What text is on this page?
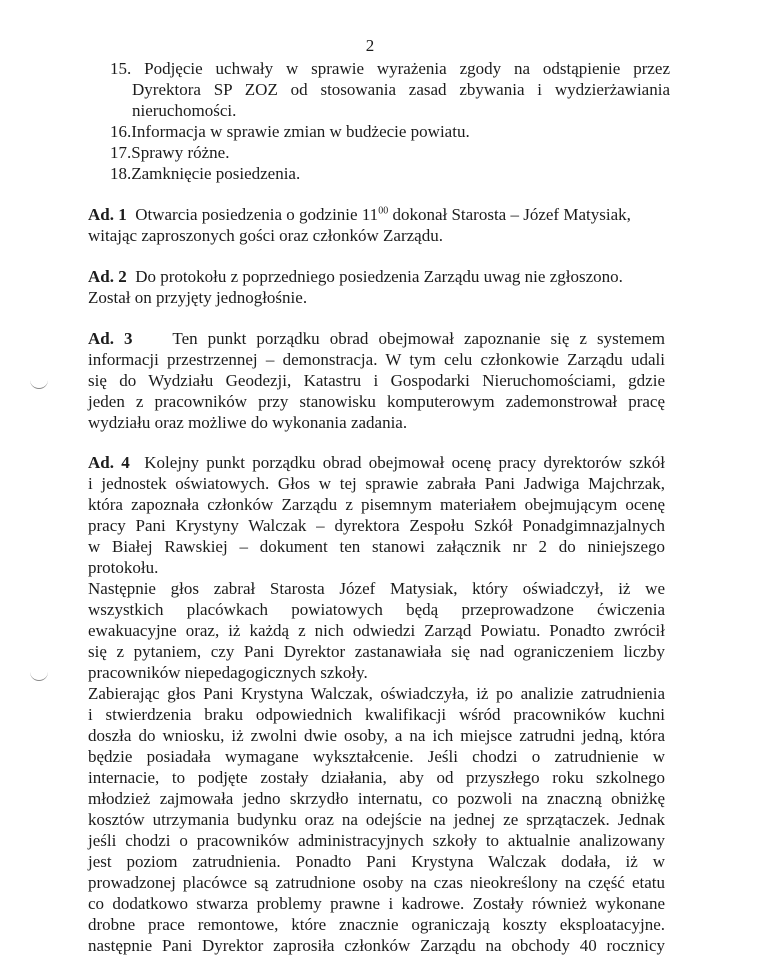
2
15. Podjęcie uchwały w sprawie wyrażenia zgody na odstąpienie przez
Dyrektora SP ZOZ od stosowania zasad zbywania i wydzierżawiania
nieruchomości.
16.Informacja w sprawie zmian w budżecie powiatu.
17.Sprawy różne.
18.Zamknięcie posiedzenia.
Ad. 1 Otwarcia posiedzenia o godzinie $11^{00}$ dokonał Starosta – Józef Matysiak,
witając zaproszonych gości oraz członków Zarządu.
Ad. 2 Do protokołu z poprzedniego posiedzenia Zarządu uwag nie zgłoszono.
Został on przyjęty jednogłośnie.
Ad. 3 Ten punkt porządku obrad obejmował zapoznanie się z systemem
informacji przestrzennej – demonstracja. W tym celu członkowie Zarządu udali
się do Wydziału Geodezji, Katastru i Gospodarki Nieruchomościami, gdzie
jeden z pracowników przy stanowisku komputerowym zademonstrował pracę
wydziału oraz możliwe do wykonania zadania.
Ad. 4 Kolejny punkt porządku obrad obejmował ocenę pracy dyrektorów szkół
i jednostek oświatowych. Głos w tej sprawie zabrała Pani Jadwiga Majchrzak,
która zapoznała członków Zarządu z pisemnym materiałem obejmującym ocenę
pracy Pani Krystyny Walczak – dyrektora Zespołu Szkół Ponadgimnazjalnych
w Białej Rawskiej – dokument ten stanowi załącznik nr 2 do niniejszego
protokołu.
Następnie głos zabrał Starosta Józef Matysiak, który oświadczył, iż we
wszystkich placówkach powiatowych będą przeprowadzone ćwiczenia
ewakuacyjne oraz, iż każdą z nich odwiedzi Zarząd Powiatu. Ponadto zwrócił
się z pytaniem, czy Pani Dyrektor zastanawiała się nad ograniczeniem liczby
pracowników niepedagogicznych szkoły.
Zabierając głos Pani Krystyna Walczak, oświadczyła, iż po analizie zatrudnienia
i stwierdzenia braku odpowiednich kwalifikacji wśród pracowników kuchni
doszła do wniosku, iż zwolni dwie osoby, a na ich miejsce zatrudni jedną, która
będzie posiadała wymagane wykształcenie. Jeśli chodzi o zatrudnienie w
internacie, to podjęte zostały działania, aby od przyszłego roku szkolnego
młodzież zajmowała jedno skrzydło internatu, co pozwoli na znaczną obniżkę
kosztów utrzymania budynku oraz na odejście na jednej ze sprzątaczek. Jednak
jeśli chodzi o pracowników administracyjnych szkoły to aktualnie analizowany
jest poziom zatrudnienia. Ponadto Pani Krystyna Walczak dodała, iż w
prowadzonej placówce są zatrudnione osoby na czas nieokreślony na część etatu
co dodatkowo stwarza problemy prawne i kadrowe. Zostały również wykonane
drobne prace remontowe, które znacznie ograniczają koszty eksploatacyjne.
następnie Pani Dyrektor zaprosiła członków Zarządu na obchody 40 rocznicy
